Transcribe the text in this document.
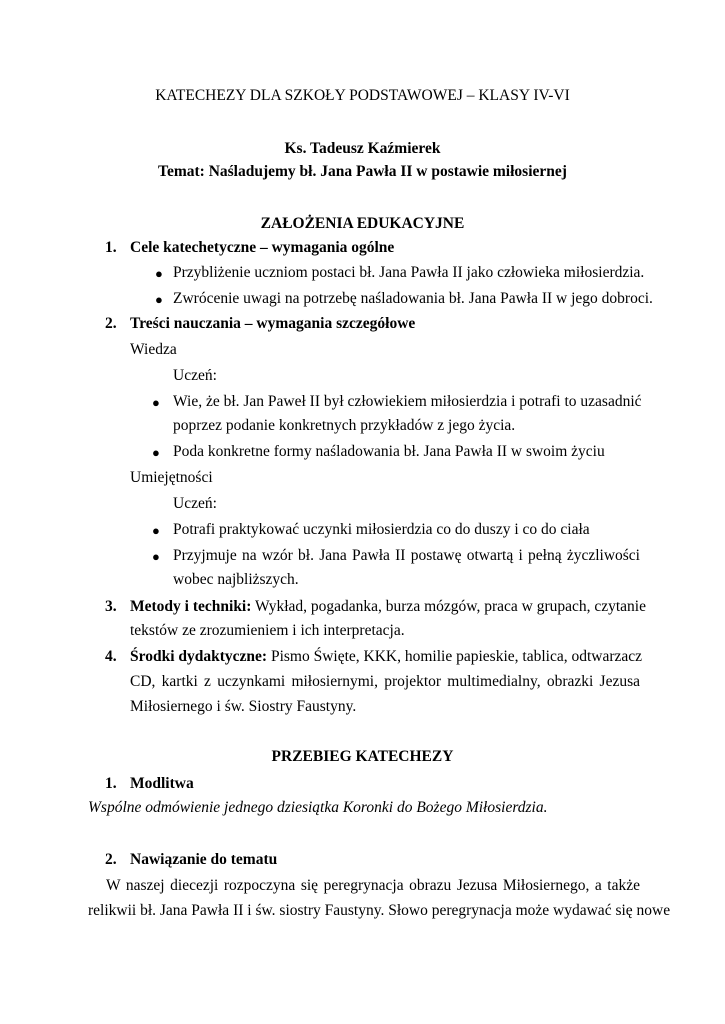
KATECHEZY DLA SZKOŁY PODSTAWOWEJ – KLASY IV-VI
Ks. Tadeusz Kaźmierek
Temat: Naśladujemy bł. Jana Pawła II w postawie miłosiernej
ZAŁOŻENIA EDUKACYJNE
1. Cele katechetyczne – wymagania ogólne
● Przybliżenie uczniom postaci bł. Jana Pawła II jako człowieka miłosierdzia.
● Zwrócenie uwagi na potrzebę naśladowania bł. Jana Pawła II w jego dobroci.
2. Treści nauczania – wymagania szczegółowe
Wiedza
Uczeń:
● Wie, że bł. Jan Paweł II był człowiekiem miłosierdzia i potrafi to uzasadnić
poprzez podanie konkretnych przykładów z jego życia.
● Poda konkretne formy naśladowania bł. Jana Pawła II w swoim życiu
Umiejętności
Uczeń:
● Potrafi praktykować uczynki miłosierdzia co do duszy i co do ciała
● Przyjmuje na wzór bł. Jana Pawła II postawę otwartą i pełną życzliwości
wobec najbliższych.
3. Metody i techniki: Wykład, pogadanka, burza mózgów, praca w grupach, czytanie
tekstów ze zrozumieniem i ich interpretacja.
4. Środki dydaktyczne: Pismo Święte, KKK, homilie papieskie, tablica, odtwarzacz
CD, kartki z uczynkami miłosiernymi, projektor multimedialny, obrazki Jezusa
Miłosiernego i św. Siostry Faustyny.
PRZEBIEG KATECHEZY
1. Modlitwa
Wspólne odmówienie jednego dziesiątka Koronki do Bożego Miłosierdzia.
2. Nawiązanie do tematu
W naszej diecezji rozpoczyna się peregrynacja obrazu Jezusa Miłosiernego, a także
relikwii bł. Jana Pawła II i św. siostry Faustyny. Słowo peregrynacja może wydawać się nowe
